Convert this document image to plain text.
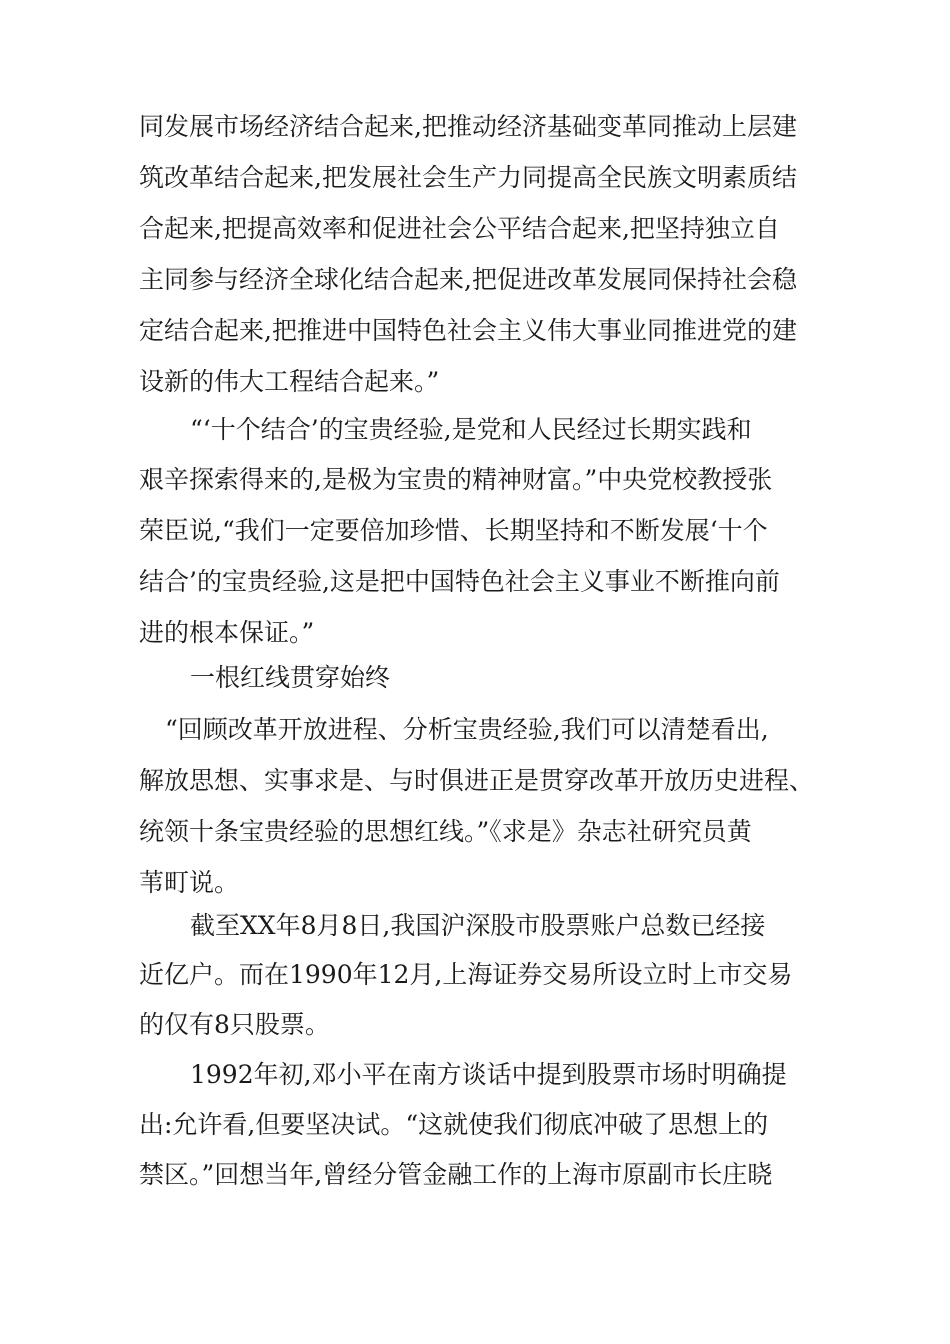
同发展市场经济结合起来,把推动经济基础变革同推动上层建
筑改革结合起来,把发展社会生产力同提高全民族文明素质结
合起来,把提高效率和促进社会公平结合起来,把坚持独立自
主同参与经济全球化结合起来,把促进改革发展同保持社会稳
定结合起来,把推进中国特色社会主义伟大事业同推进党的建
设新的伟大工程结合起来。”
“‘十个结合’的宝贵经验,是党和人民经过长期实践和
艰辛探索得来的,是极为宝贵的精神财富。”中央党校教授张
荣臣说,“我们一定要倍加珍惜、长期坚持和不断发展‘十个
结合’的宝贵经验,这是把中国特色社会主义事业不断推向前
进的根本保证。”
一根红线贯穿始终
“回顾改革开放进程、分析宝贵经验,我们可以清楚看出,
解放思想、实事求是、与时俱进正是贯穿改革开放历史进程、
统领十条宝贵经验的思想红线。”《求是》杂志社研究员黄
苇町说。
截至XX年8月8日,我国沪深股市股票账户总数已经接
近亿户。而在1990年12月,上海证券交易所设立时上市交易
的仅有8只股票。
1992年初,邓小平在南方谈话中提到股票市场时明确提
出:允许看,但要坚决试。“这就使我们彻底冲破了思想上的
禁区。”回想当年,曾经分管金融工作的上海市原副市长庄晓
